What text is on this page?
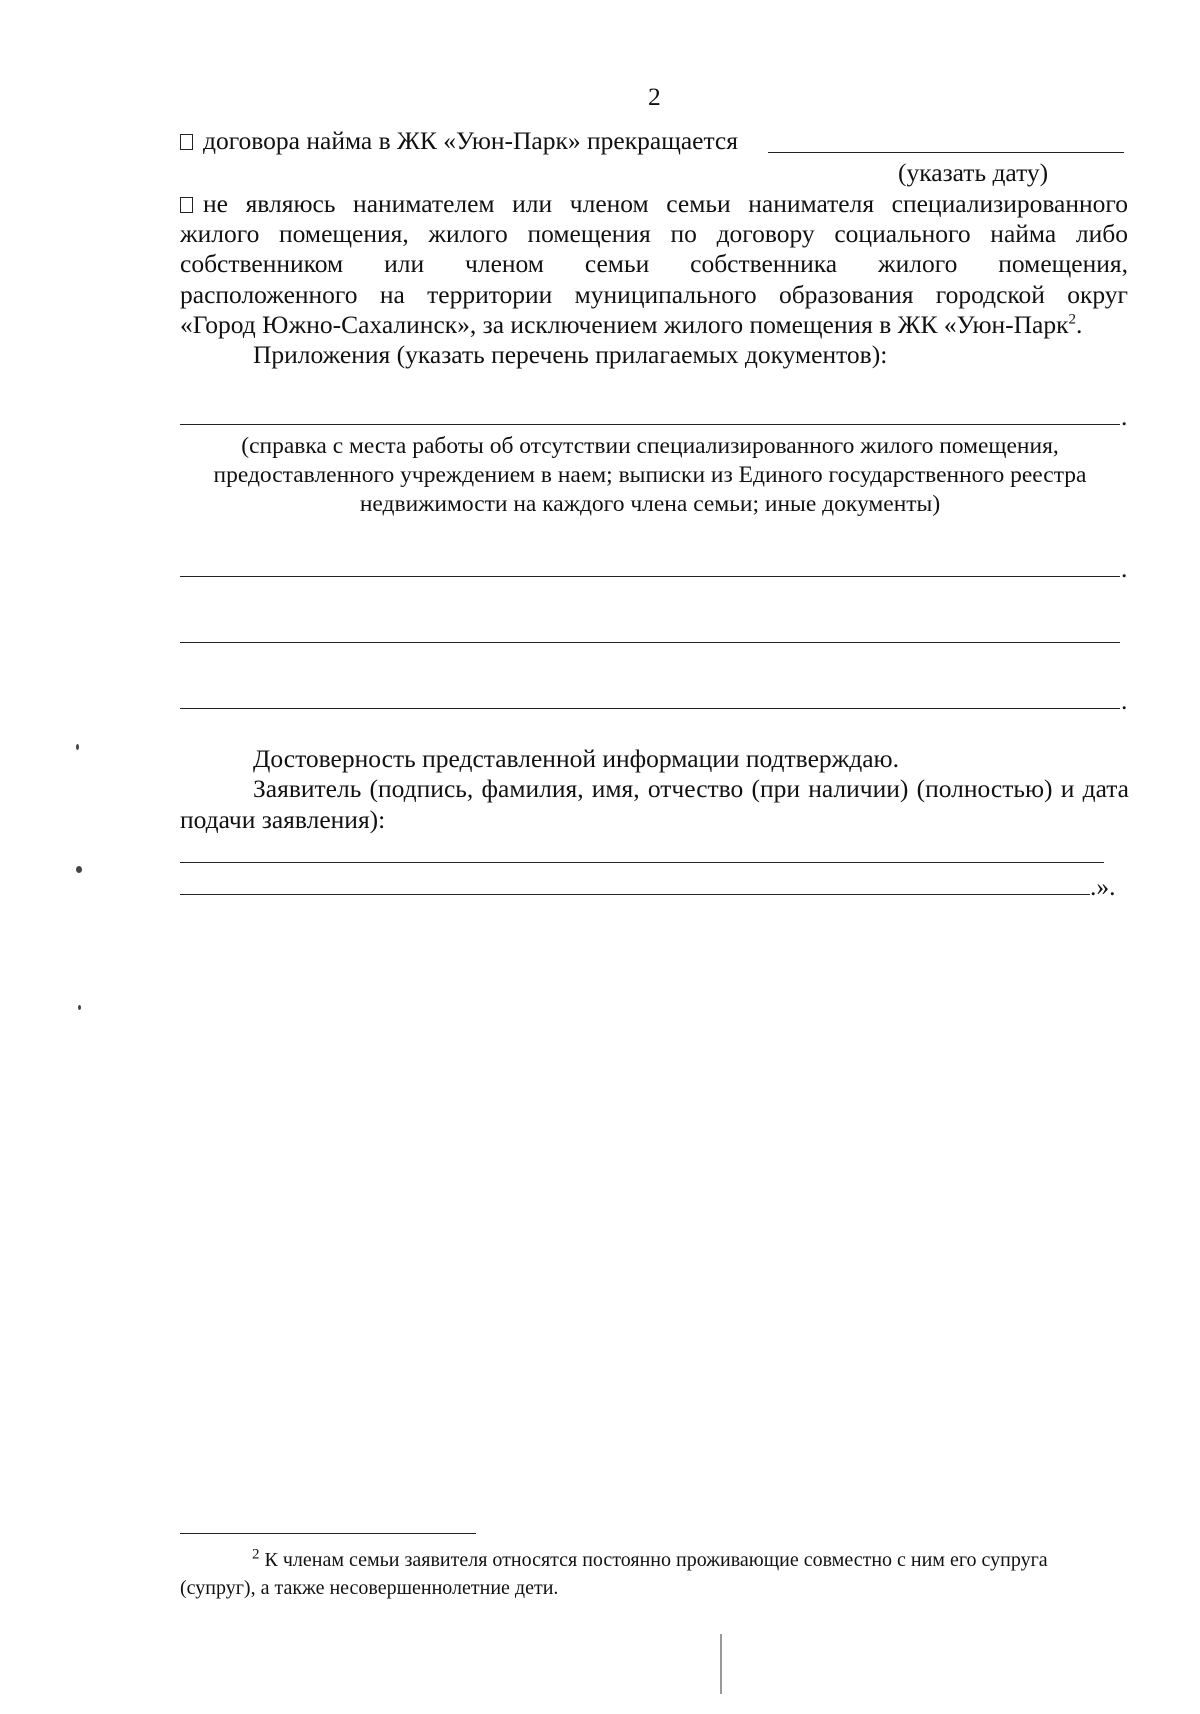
2
договора найма в ЖК «Уюн-Парк» прекращается
(указать дату)
не являюсь нанимателем или членом семьи нанимателя специализированного
жилого помещения, жилого помещения по договору социального найма либо
собственником или членом семьи собственника жилого помещения,
расположенного на территории муниципального образования городской округ
«Город Южно-Сахалинск», за исключением жилого помещения в ЖК «Уюн-Парк$^2$.
Приложения (указать перечень прилагаемых документов):
.
(справка с места работы об отсутствии специализированного жилого помещения,
предоставленного учреждением в наем; выписки из Единого государственного реестра
недвижимости на каждого члена семьи; иные документы)
.
.
Достоверность представленной информации подтверждаю.
Заявитель (подпись, фамилия, имя, отчество (при наличии) (полностью) и дата
подачи заявления):
.».
$^2$ К членам семьи заявителя относятся постоянно проживающие совместно с ним его супруга
(супруг), а также несовершеннолетние дети.
